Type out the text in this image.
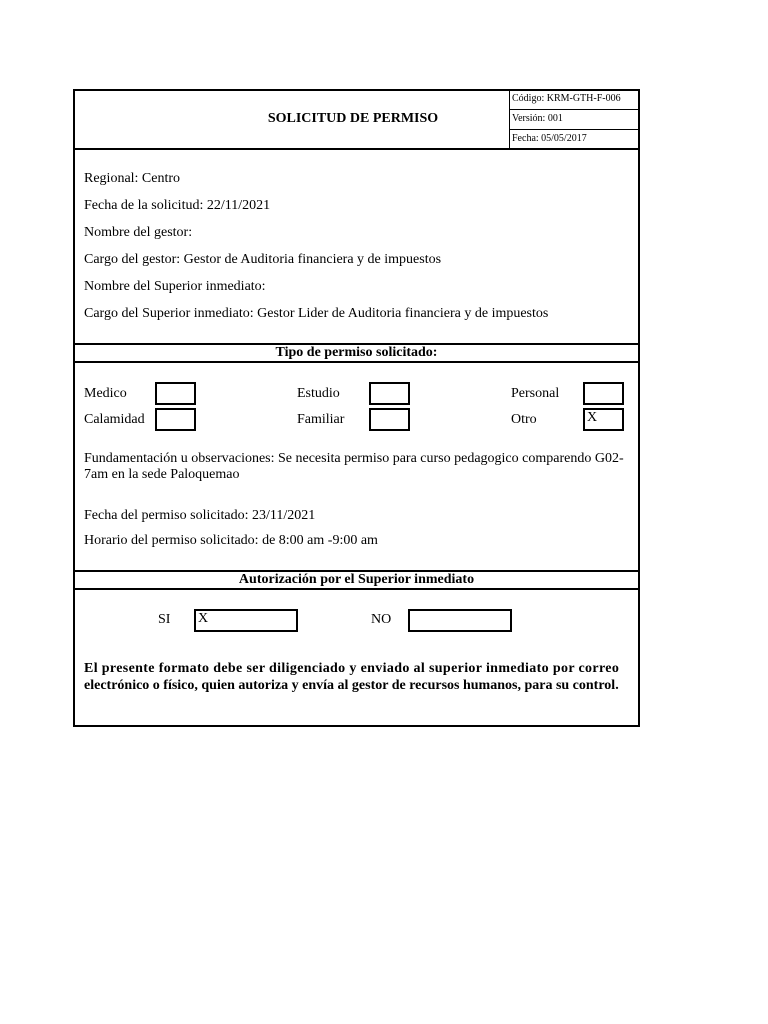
SOLICITUD DE PERMISO
Código: KRM-GTH-F-006
Versión: 001
Fecha: 05/05/2017
Regional: Centro
Fecha de la solicitud: 22/11/2021
Nombre del gestor:
Cargo del gestor: Gestor de Auditoria financiera y de impuestos
Nombre del Superior inmediato:
Cargo del Superior inmediato: Gestor Lider de Auditoria financiera y de impuestos
Tipo de permiso solicitado:
Medico	Estudio	Personal
Calamidad	Familiar	Otro	X
Fundamentación u observaciones: Se necesita permiso para curso pedagogico comparendo G02-
7am en la sede Paloquemao
Fecha del permiso solicitado: 23/11/2021
Horario del permiso solicitado: de 8:00 am -9:00 am
Autorización por el Superior inmediato
SI X	NO
El presente formato debe ser diligenciado y enviado al superior inmediato por correo
electrónico o físico, quien autoriza y envía al gestor de recursos humanos, para su control.
